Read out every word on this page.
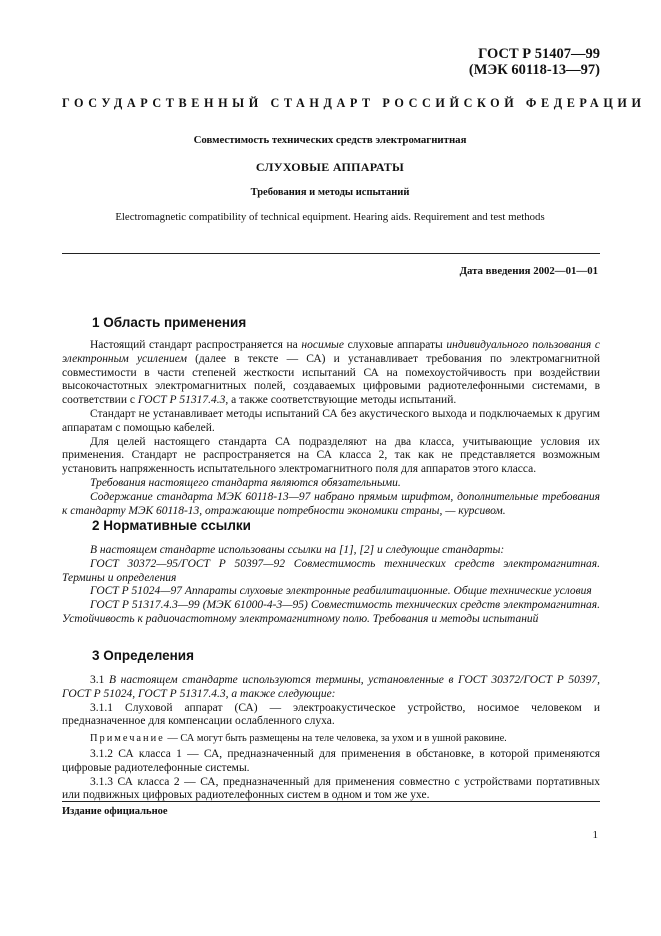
ГОСТ Р 51407—99
(МЭК 60118-13—97)
ГОСУДАРСТВЕННЫЙ СТАНДАРТ РОССИЙСКОЙ ФЕДЕРАЦИИ
Совместимость технических средств электромагнитная
СЛУХОВЫЕ АППАРАТЫ
Требования и методы испытаний
Electromagnetic compatibility of technical equipment. Hearing aids. Requirement and test methods
Дата введения 2002—01—01
1 Область применения

Настоящий стандарт распространяется на носимые слуховые аппараты индивидуального пользования с электронным усилением (далее в тексте — СА) и устанавливает требования по электромагнитной совместимости в части степеней жесткости испытаний СА на помехоустойчивость при воздействии высокочастотных электромагнитных полей, создаваемых цифровыми радиотелефонными системами, в соответствии с ГОСТ Р 51317.4.3, а также соответствующие методы испытаний.

Стандарт не устанавливает методы испытаний СА без акустического выхода и подключаемых к другим аппаратам с помощью кабелей.

Для целей настоящего стандарта СА подразделяют на два класса, учитывающие условия их применения. Стандарт не распространяется на СА класса 2, так как не представляется возможным установить напряженность испытательного электромагнитного поля для аппаратов этого класса.

Требования настоящего стандарта являются обязательными.

Содержание стандарта МЭК 60118-13—97 набрано прямым шрифтом, дополнительные требования к стандарту МЭК 60118-13, отражающие потребности экономики страны, — курсивом.

2 Нормативные ссылки

В настоящем стандарте использованы ссылки на [1], [2] и следующие стандарты:

ГОСТ 30372—95/ГОСТ Р 50397—92 Совместимость технических средств электромагнитная. Термины и определения

ГОСТ Р 51024—97 Аппараты слуховые электронные реабилитационные. Общие технические условия

ГОСТ Р 51317.4.3—99 (МЭК 61000-4-3—95) Совместимость технических средств электромагнитная. Устойчивость к радиочастотному электромагнитному полю. Требования и методы испытаний

3 Определения

3.1 В настоящем стандарте используются термины, установленные в ГОСТ 30372/ГОСТ Р 50397, ГОСТ Р 51024, ГОСТ Р 51317.4.3, а также следующие:

3.1.1 Слуховой аппарат (СА) — электроакустическое устройство, носимое человеком и предназначенное для компенсации ослабленного слуха.

Примечание — СА могут быть размещены на теле человека, за ухом и в ушной раковине.

3.1.2 СА класса 1 — СА, предназначенный для применения в обстановке, в которой применяются цифровые радиотелефонные системы.

3.1.3 СА класса 2 — СА, предназначенный для применения совместно с устройствами портативных или подвижных цифровых радиотелефонных систем в одном и том же ухе.

Издание официальное
1
